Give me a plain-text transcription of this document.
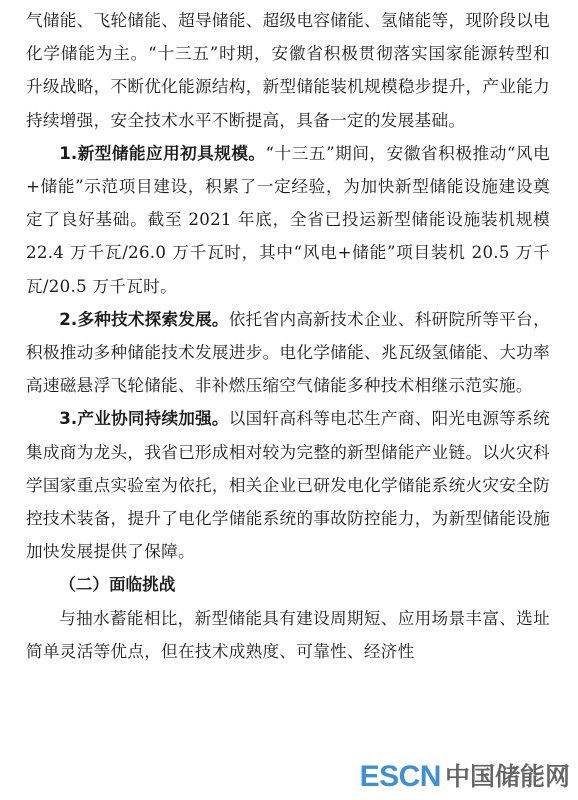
气储能、飞轮储能、超导储能、超级电容储能、氢储能等，现阶段以电化学储能为主。“十三五”时期，安徽省积极贯彻落实国家能源转型和升级战略，不断优化能源结构，新型储能装机规模稳步提升，产业能力持续增强，安全技术水平不断提高，具备一定的发展基础。

1.新型储能应用初具规模。“十三五”期间，安徽省积极推动“风电+储能”示范项目建设，积累了一定经验，为加快新型储能设施建设奠定了良好基础。截至 2021 年底，全省已投运新型储能设施装机规模 22.4 万千瓦/26.0 万千瓦时，其中“风电+储能”项目装机 20.5 万千瓦/20.5 万千瓦时。

2.多种技术探索发展。依托省内高新技术企业、科研院所等平台，积极推动多种储能技术发展进步。电化学储能、兆瓦级氢储能、大功率高速磁悬浮飞轮储能、非补燃压缩空气储能多种技术相继示范实施。

3.产业协同持续加强。以国轩高科等电芯生产商、阳光电源等系统集成商为龙头，我省已形成相对较为完整的新型储能产业链。以火灾科学国家重点实验室为依托，相关企业已研发电化学储能系统火灾安全防控技术装备，提升了电化学储能系统的事故防控能力，为新型储能设施加快发展提供了保障。

（二）面临挑战

与抽水蓄能相比，新型储能具有建设周期短、应用场景丰富、选址简单灵活等优点，但在技术成熟度、可靠性、经济性

ESCN 中国储能网
